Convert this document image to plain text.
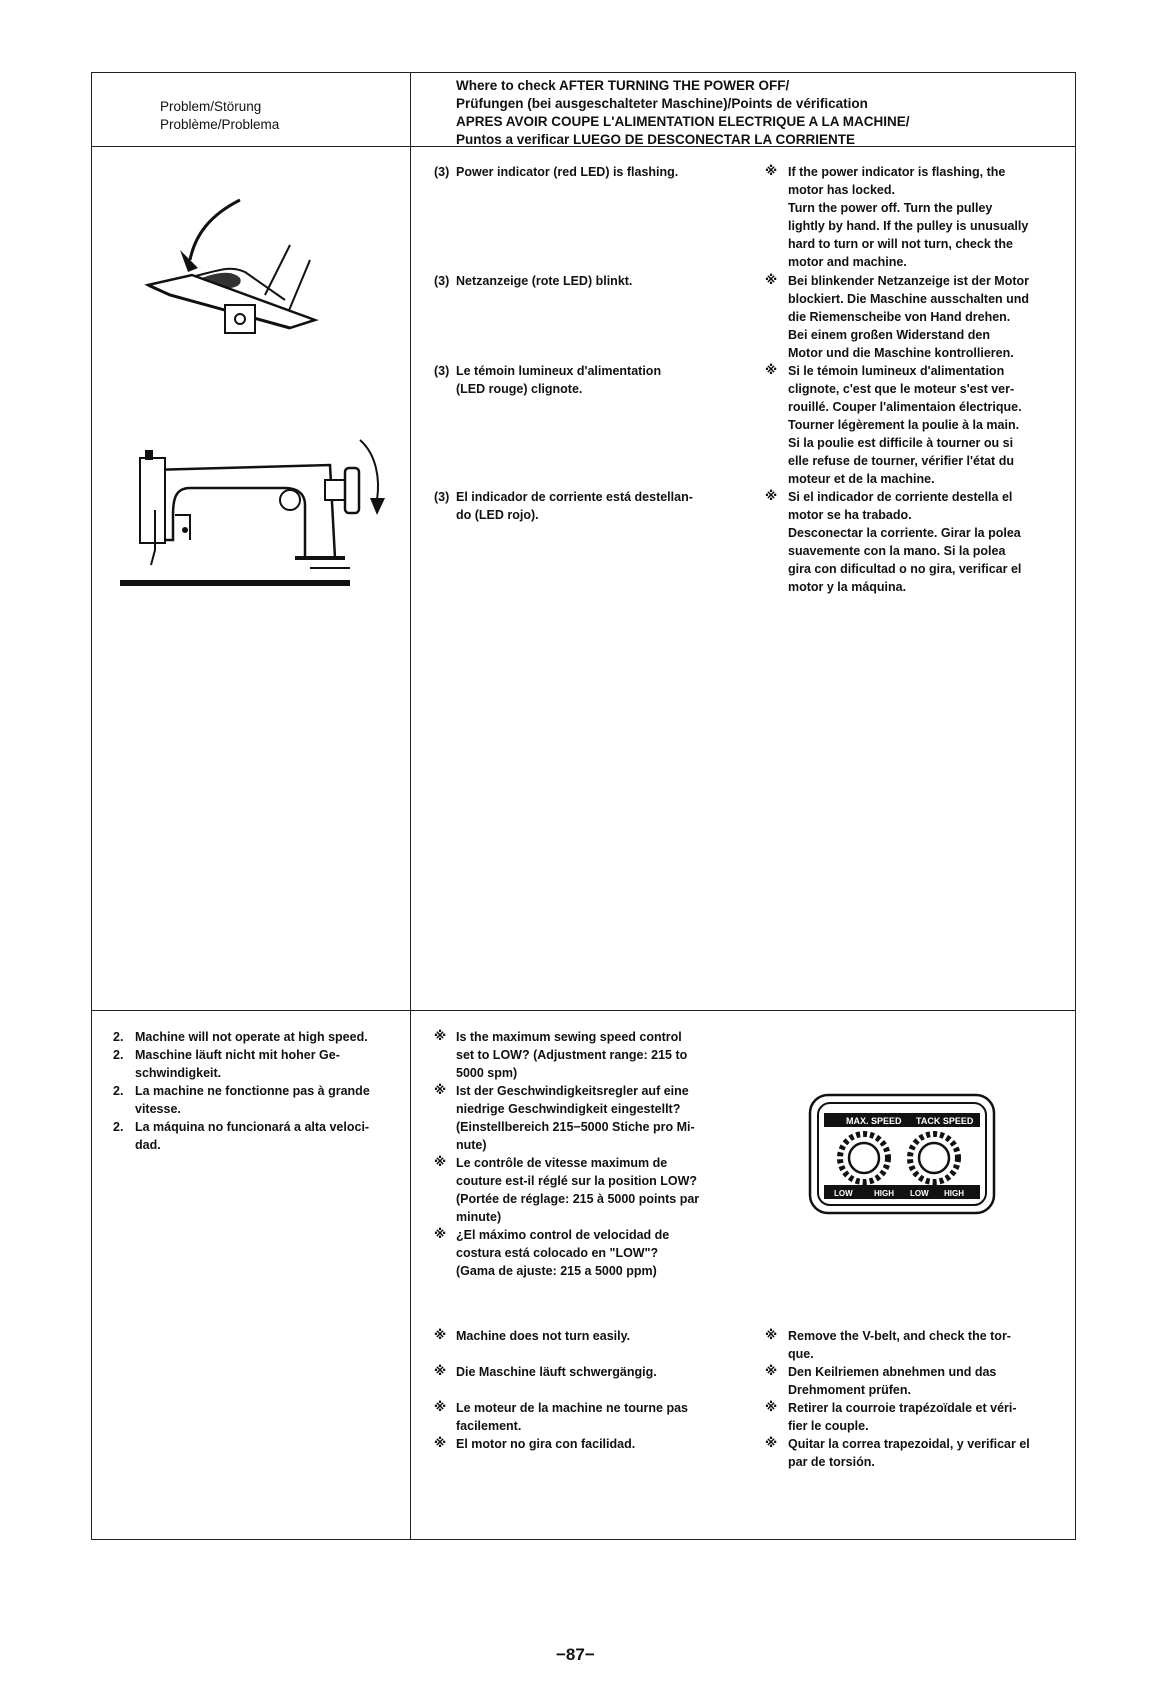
Problem/Störung
Problème/Problema
Where to check AFTER TURNING THE POWER OFF/
Prüfungen (bei ausgeschalteter Maschine)/Points de vérification
APRES AVOIR COUPE L'ALIMENTATION ELECTRIQUE A LA MACHINE/
Puntos a verificar LUEGO DE DESCONECTAR LA CORRIENTE
(3) Power indicator (red LED) is flashing.
(3) Netzanzeige (rote LED) blinkt.
(3) Le témoin lumineux d'alimentation
(LED rouge) clignote.
(3) El indicador de corriente está destellan-
do (LED rojo).
※ If the power indicator is flashing, the
motor has locked.
Turn the power off. Turn the pulley
lightly by hand. If the pulley is unusually
hard to turn or will not turn, check the
motor and machine.
※ Bei blinkender Netzanzeige ist der Motor
blockiert. Die Maschine ausschalten und
die Riemenscheibe von Hand drehen.
Bei einem großen Widerstand den
Motor und die Maschine kontrollieren.
※ Si le témoin lumineux d'alimentation
clignote, c'est que le moteur s'est ver-
rouillé. Couper l'alimentaion électrique.
Tourner légèrement la poulie à la main.
Si la poulie est difficile à tourner ou si
elle refuse de tourner, vérifier l'état du
moteur et de la machine.
※ Si el indicador de corriente destella el
motor se ha trabado.
Desconectar la corriente. Girar la polea
suavemente con la mano. Si la polea
gira con dificultad o no gira, verificar el
motor y la máquina.
2. Machine will not operate at high speed.
2. Maschine läuft nicht mit hoher Ge-
schwindigkeit.
2. La machine ne fonctionne pas à grande
vitesse.
2. La máquina no funcionará a alta veloci-
dad.
※ Is the maximum sewing speed control
set to LOW? (Adjustment range: 215 to
5000 spm)
※ Ist der Geschwindigkeitsregler auf eine
niedrige Geschwindigkeit eingestellt?
(Einstellbereich 215−5000 Stiche pro Mi-
nute)
※ Le contrôle de vitesse maximum de
couture est-il réglé sur la position LOW?
(Portée de réglage: 215 à 5000 points par
minute)
※ ¿El máximo control de velocidad de
costura está colocado en "LOW"?
(Gama de ajuste: 215 a 5000 ppm)
MAX. SPEED TACK SPEED
LOW	HIGH LOW HIGH
※ Machine does not turn easily.
※ Die Maschine läuft schwergängig.
※ Le moteur de la machine ne tourne pas
facilement.
※ El motor no gira con facilidad.
※ Remove the V-belt, and check the tor-
que.
※ Den Keilriemen abnehmen und das
Drehmoment prüfen.
※ Retirer la courroie trapézoïdale et véri-
fier le couple.
※ Quitar la correa trapezoidal, y verificar el
par de torsión.
−87−
